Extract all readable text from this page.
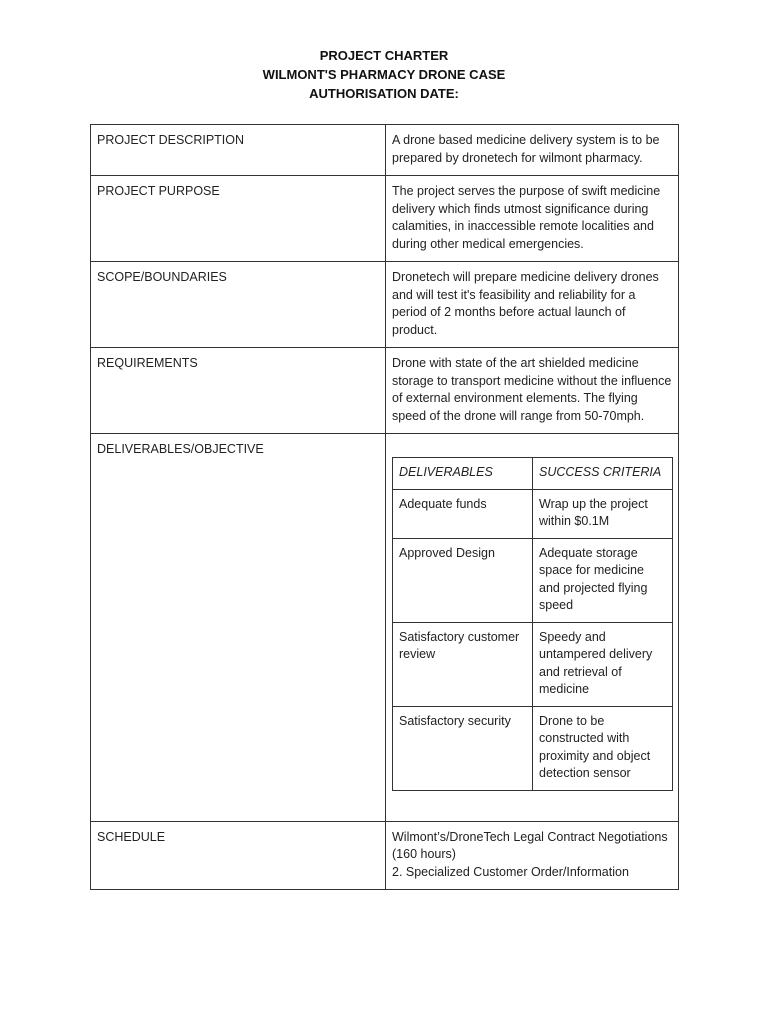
PROJECT CHARTER
WILMONT'S PHARMACY DRONE CASE
AUTHORISATION DATE:
PROJECT DESCRIPTION	A drone based medicine delivery system is to be prepared by dronetech for wilmont pharmacy.
PROJECT PURPOSE	The project serves the purpose of swift medicine delivery which finds utmost significance during calamities, in inaccessible remote localities and during other medical emergencies.
SCOPE/BOUNDARIES	Dronetech will prepare medicine delivery drones and will test it's feasibility and reliability for a period of 2 months before actual launch of product.
REQUIREMENTS	Drone with state of the art shielded medicine storage to transport medicine without the influence of external environment elements. The flying speed of the drone will range from 50-70mph.
DELIVERABLES/OBJECTIVE	
DELIVERABLES	SUCCESS CRITERIA
Adequate funds	Wrap up the project within $0.1M
Approved Design	Adequate storage space for medicine and projected flying speed
Satisfactory customer review	Speedy and untampered delivery and retrieval of medicine
Satisfactory security	Drone to be constructed with proximity and object detection sensor

SCHEDULE	Wilmont’s/DroneTech Legal Contract Negotiations (160 hours)
2. Specialized Customer Order/Information
